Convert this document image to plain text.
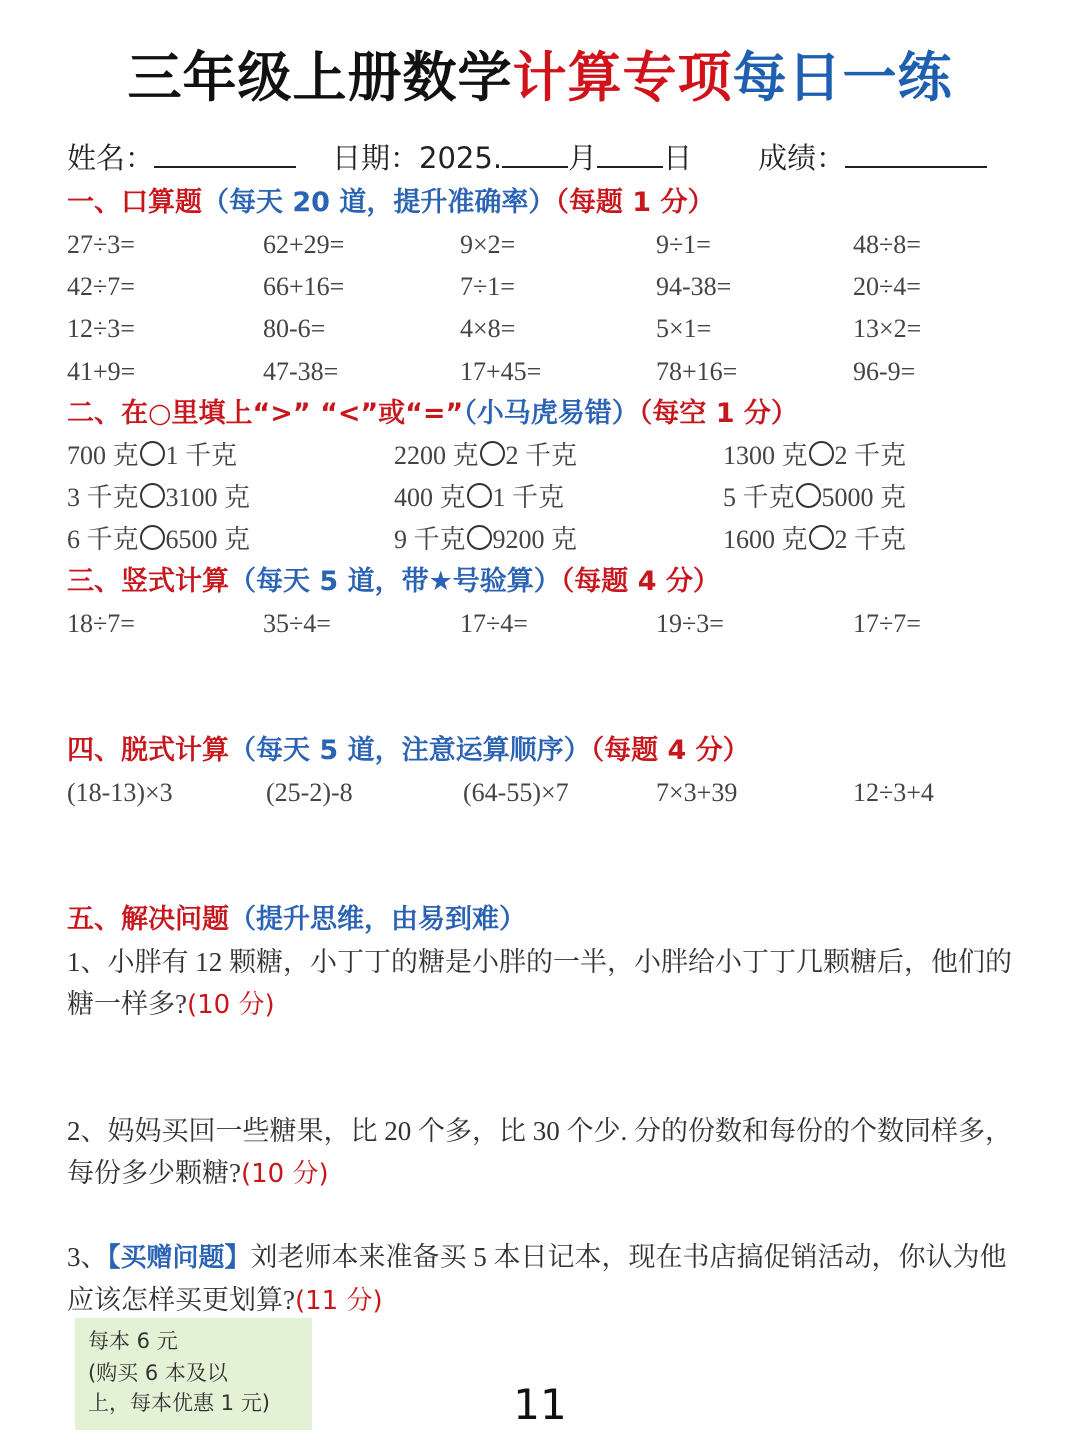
三年级上册数学计算专项每日一练
姓名：	日期：2025. 月 日 成绩：
一、口算题（每天 20 道，提升准确率）（每题 1 分）
27÷3=	62+29=	9×2=	9÷1=	48÷8=
42÷7=	66+16=	7÷1=	94-38=	20÷4=
12÷3=	80-6=	4×8=	5×1=	13×2=
41+9=	47-38=	17+45=	78+16=	96-9=
二、在○里填上“>” “<”或“=”（小马虎易错）（每空 1 分）
700 克 1 千克	2200 克 2 千克	1300 克 2 千克
3 千克 3100 克	400 克 1 千克	5 千克 5000 克
6 千克 6500 克	9 千克 9200 克	1600 克 2 千克
三、竖式计算（每天 5 道，带★号验算）（每题 4 分）
18÷7=	35÷4=	17÷4=	19÷3=	17÷7=
四、脱式计算（每天 5 道，注意运算顺序）（每题 4 分）
(18-13)×3	(25-2)-8	(64-55)×7	7×3+39	12÷3+4
五、解决问题（提升思维，由易到难）
1、小胖有 12 颗糖，小丁丁的糖是小胖的一半，小胖给小丁丁几颗糖后，他们的糖一样多?(10 分)
2、妈妈买回一些糖果，比 20 个多，比 30 个少. 分的份数和每份的个数同样多，每份多少颗糖?(10 分)
3、【买赠问题】刘老师本来准备买 5 本日记本，现在书店搞促销活动，你认为他应该怎样买更划算?(11 分)
每本 6 元
(购买 6 本及以
上，每本优惠 1 元)	11
